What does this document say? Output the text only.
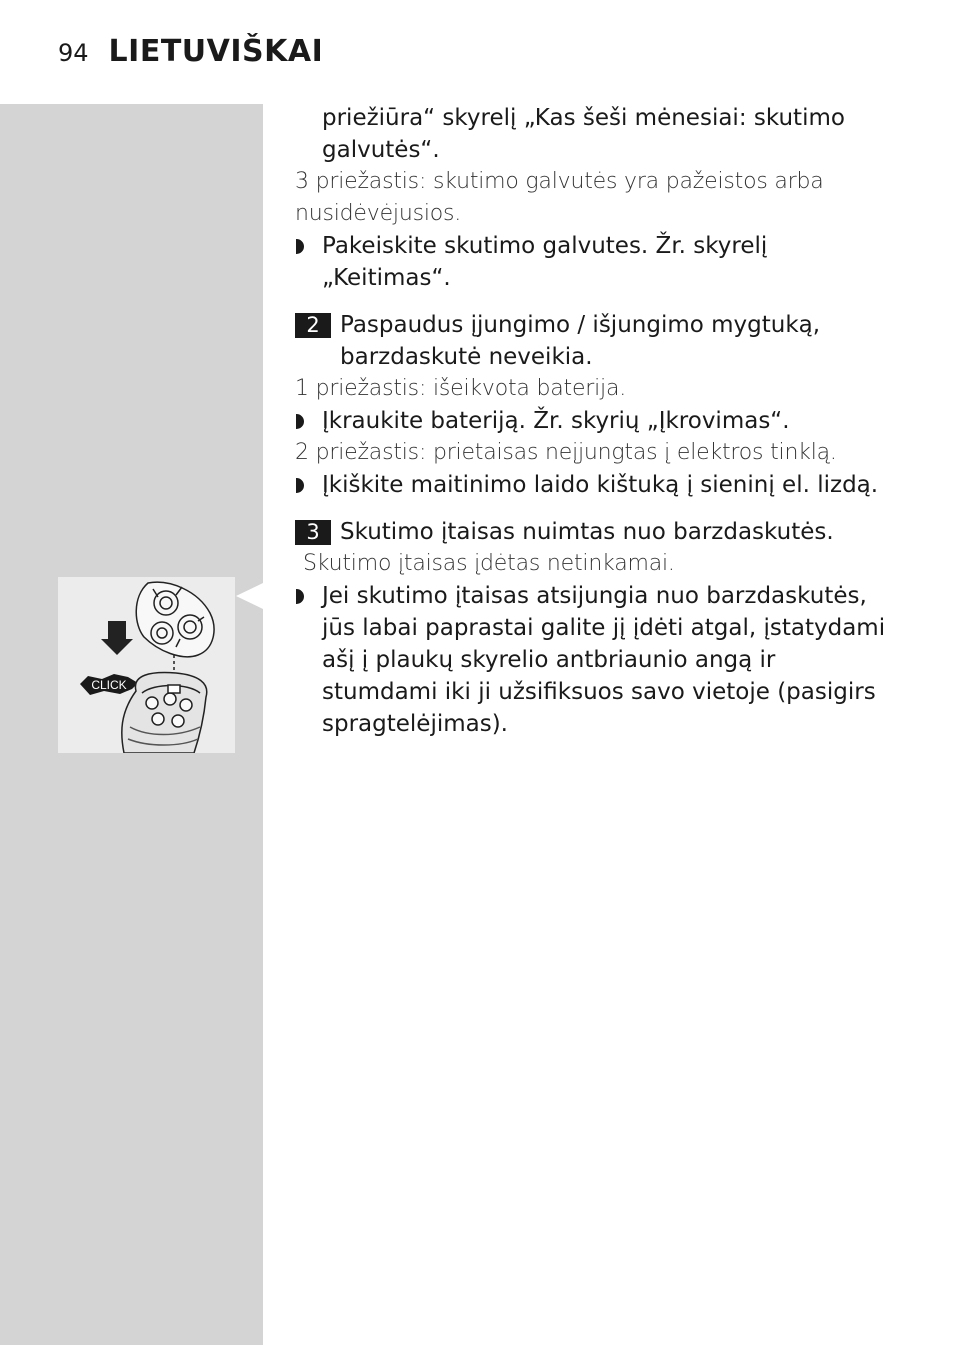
94 LIETUVIŠKAI
CLICK
priežiūra“ skyrelį „Kas šeši mėnesiai: skutimo
galvutės“.
3 priežastis: skutimo galvutės yra pažeistos arba
nusidėvėjusios.
Pakeiskite skutimo galvutes. Žr. skyrelį
„Keitimas“.
2 Paspaudus įjungimo / išjungimo mygtuką,
barzdaskutė neveikia.
1 priežastis: išeikvota baterija.
Įkraukite bateriją. Žr. skyrių „Įkrovimas“.
2 priežastis: prietaisas neįjungtas į elektros tinklą.
Įkiškite maitinimo laido kištuką į sieninį el. lizdą.
3 Skutimo įtaisas nuimtas nuo barzdaskutės.
Skutimo įtaisas įdėtas netinkamai.
Jei skutimo įtaisas atsijungia nuo barzdaskutės,
jūs labai paprastai galite jį įdėti atgal, įstatydami
ašį į plaukų skyrelio antbriaunio angą ir
stumdami iki ji užsifiksuos savo vietoje (pasigirs
spragtelėjimas).
